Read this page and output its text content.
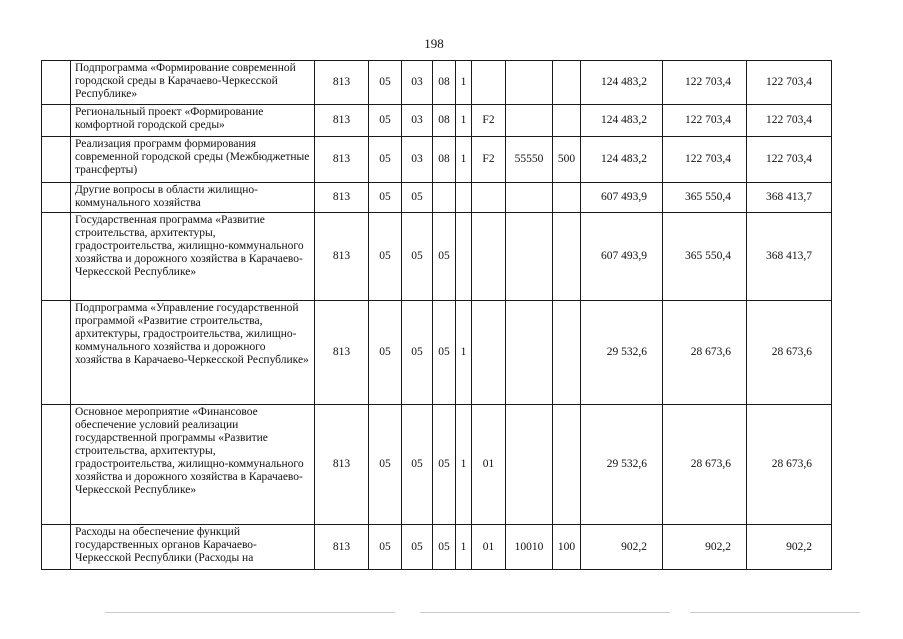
198
	Подпрограмма «Формирование современной городской среды в Карачаево-Черкесской Республике»	813	05	03	08	1				124 483,2	122 703,4	122 703,4
	Региональный проект «Формирование комфортной городской среды»	813	05	03	08	1	F2			124 483,2	122 703,4	122 703,4
	Реализация программ формирования современной городской среды (Межбюджетные трансферты)	813	05	03	08	1	F2	55550	500	124 483,2	122 703,4	122 703,4
	Другие вопросы в области жилищно-коммунального хозяйства	813	05	05						607 493,9	365 550,4	368 413,7
	Государственная программа «Развитие строительства, архитектуры, градостроительства, жилищно-коммунального хозяйства и дорожного хозяйства в Карачаево-Черкесской Республике»	813	05	05	05					607 493,9	365 550,4	368 413,7
	Подпрограмма «Управление государственной программой «Развитие строительства, архитектуры, градостроительства, жилищно-коммунального хозяйства и дорожного хозяйства в Карачаево-Черкесской Республике»	813	05	05	05	1				29 532,6	28 673,6	28 673,6
	Основное мероприятие «Финансовое обеспечение условий реализации государственной программы «Развитие строительства, архитектуры, градостроительства, жилищно-коммунального хозяйства и дорожного хозяйства в Карачаево-Черкесской Республике»	813	05	05	05	1	01			29 532,6	28 673,6	28 673,6
	Расходы на обеспечение функций государственных органов Карачаево-Черкесской Республики (Расходы на	813	05	05	05	1	01	10010	100	902,2	902,2	902,2
